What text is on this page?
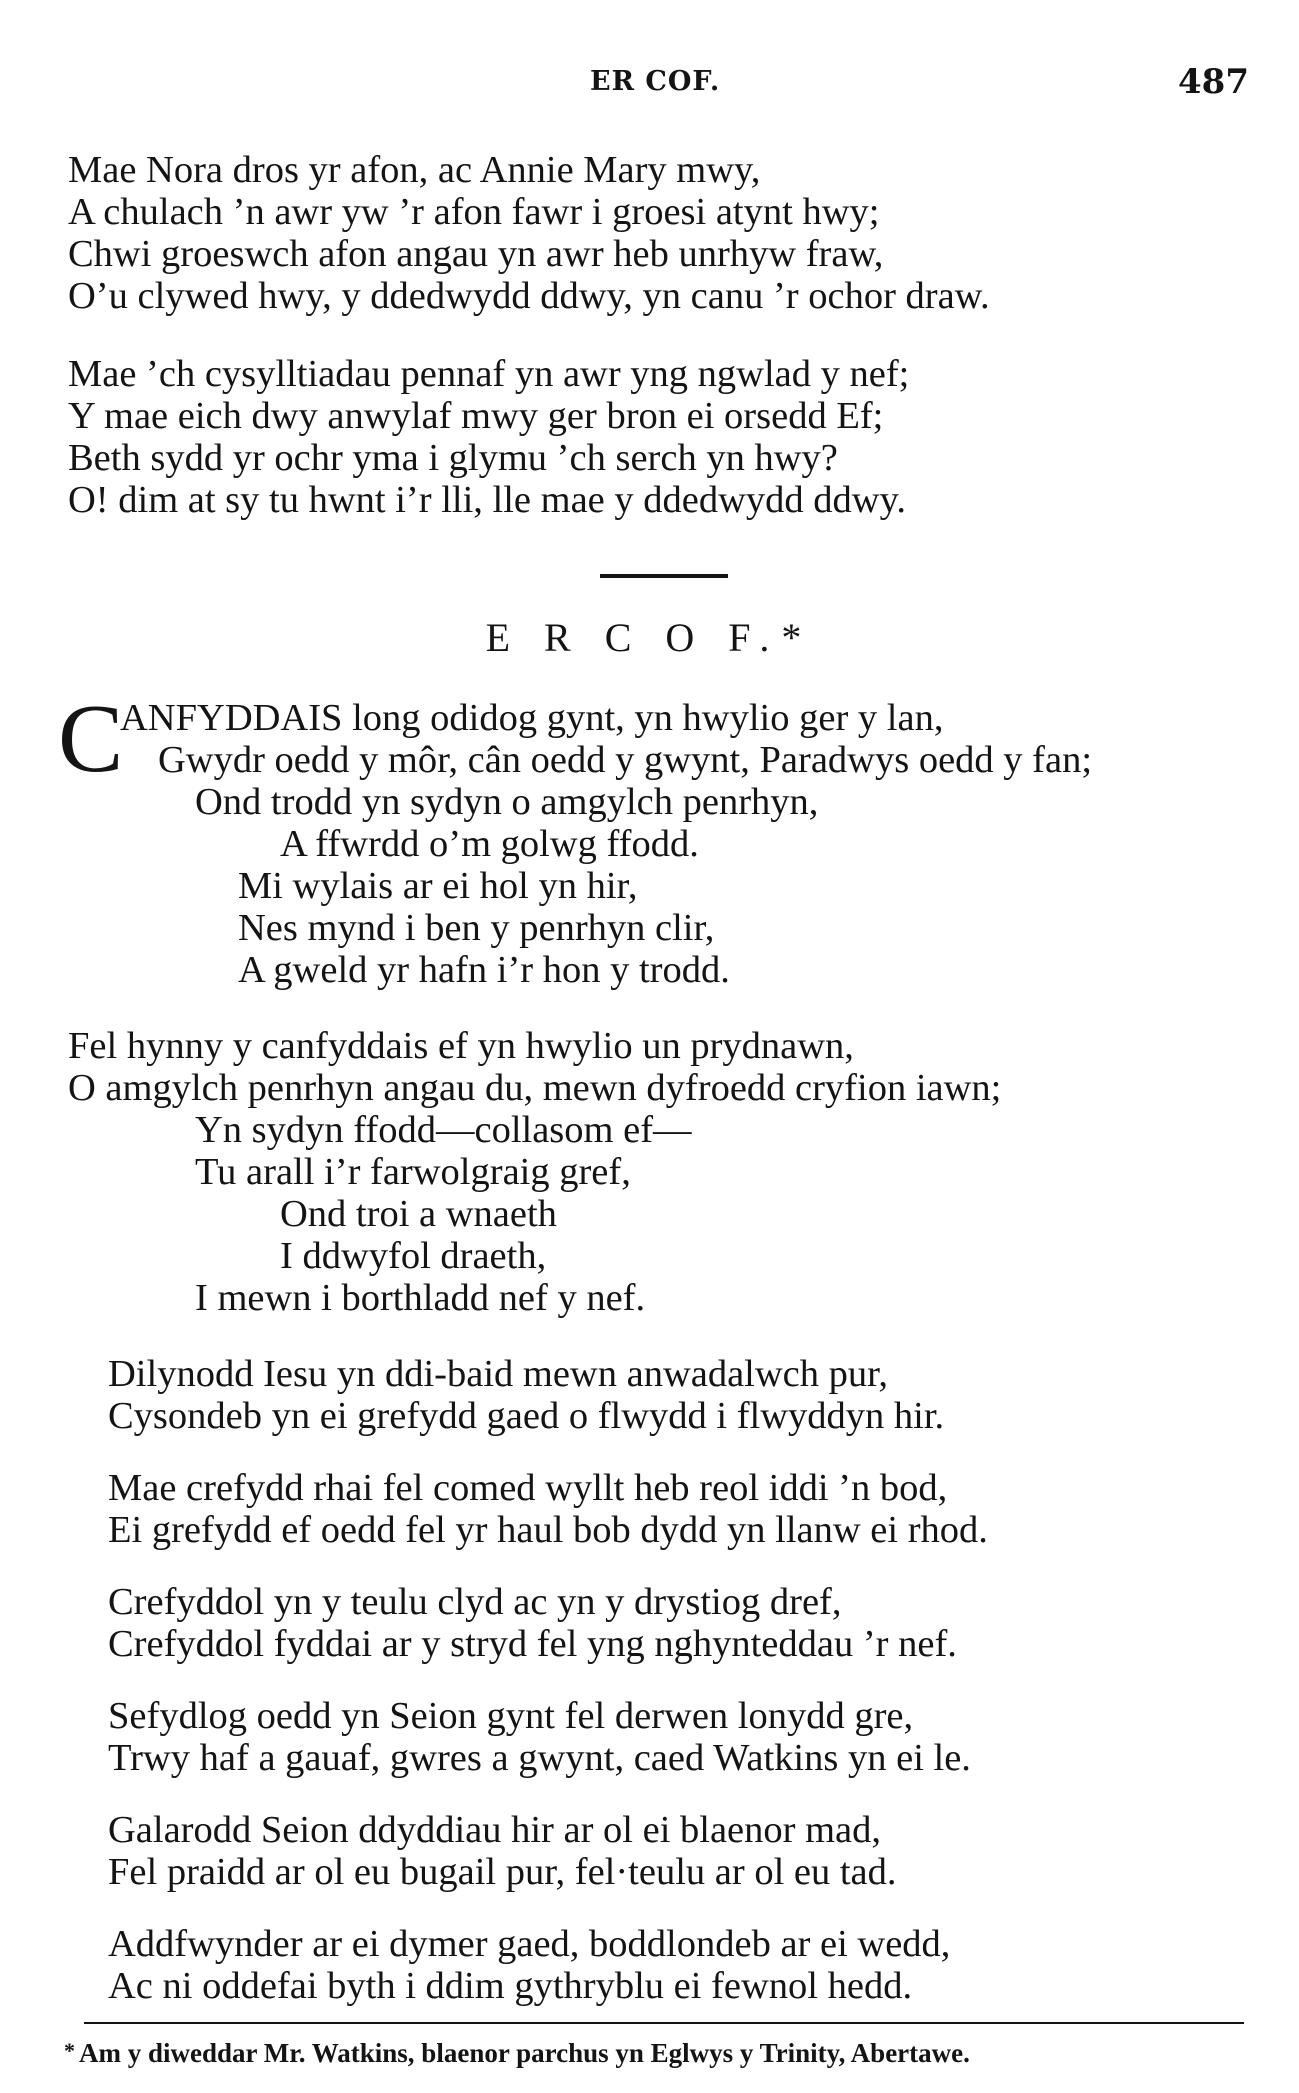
ER COF.	487
Mae Nora dros yr afon, ac Annie Mary mwy,
A chulach ’n awr yw ’r afon fawr i groesi atynt hwy;
Chwi groeswch afon angau yn awr heb unrhyw fraw,
O’u clywed hwy, y ddedwydd ddwy, yn canu ’r ochor draw.
Mae ’ch cysylltiadau pennaf yn awr yng ngwlad y nef;
Y mae eich dwy anwylaf mwy ger bron ei orsedd Ef;
Beth sydd yr ochr yma i glymu ’ch serch yn hwy?
O! dim at sy tu hwnt i’r lli, lle mae y ddedwydd ddwy.
E R C O F.*
C
ANFYDDAIS long odidog gynt, yn hwylio ger y lan,
Gwydr oedd y môr, cân oedd y gwynt, Paradwys oedd y fan;
Ond trodd yn sydyn o amgylch penrhyn,
A ffwrdd o’m golwg ffodd.
Mi wylais ar ei hol yn hir,
Nes mynd i ben y penrhyn clir,
A gweld yr hafn i’r hon y trodd.
Fel hynny y canfyddais ef yn hwylio un prydnawn,
O amgylch penrhyn angau du, mewn dyfroedd cryfion iawn;
Yn sydyn ffodd—collasom ef—
Tu arall i’r farwolgraig gref,
Ond troi a wnaeth
I ddwyfol draeth,
I mewn i borthladd nef y nef.
Dilynodd Iesu yn ddi-baid mewn anwadalwch pur,
Cysondeb yn ei grefydd gaed o flwydd i flwyddyn hir.
Mae crefydd rhai fel comed wyllt heb reol iddi ’n bod,
Ei grefydd ef oedd fel yr haul bob dydd yn llanw ei rhod.
Crefyddol yn y teulu clyd ac yn y drystiog dref,
Crefyddol fyddai ar y stryd fel yng nghynteddau ’r nef.
Sefydlog oedd yn Seion gynt fel derwen lonydd gre,
Trwy haf a gauaf, gwres a gwynt, caed Watkins yn ei le.
Galarodd Seion ddyddiau hir ar ol ei blaenor mad,
Fel praidd ar ol eu bugail pur, fel·teulu ar ol eu tad.
Addfwynder ar ei dymer gaed, boddlondeb ar ei wedd,
Ac ni oddefai byth i ddim gythryblu ei fewnol hedd.
* Am y diweddar Mr. Watkins, blaenor parchus yn Eglwys y Trinity, Abertawe.
